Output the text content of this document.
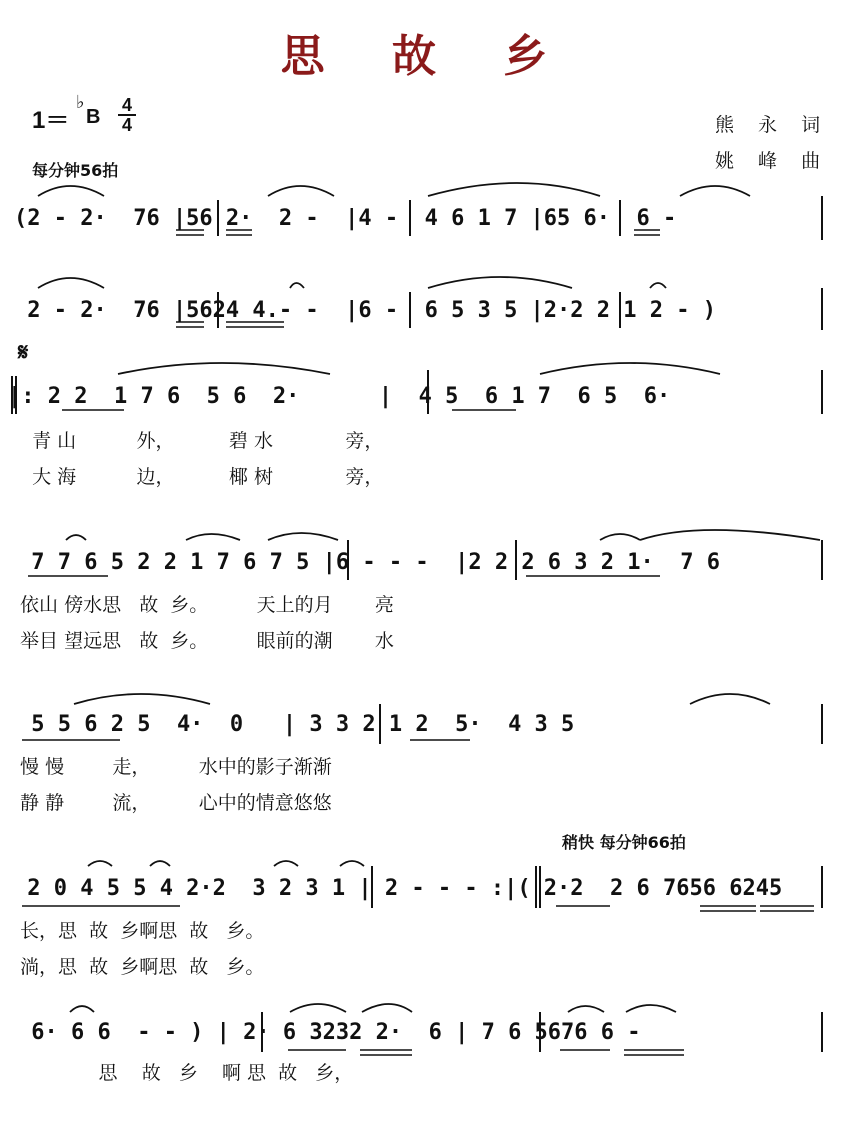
思 故 乡
1＝
♭
B
4
4
每分钟56拍
熊 永 词
姚 峰 曲
𝄋
稍快 每分钟66拍
(2 - 2·  76 |56 2·  2 -  |4 -  4 6 1 7 |65 6·  6 -
2 - 2·  76 |5624 4.- -  |6 -  6 5 3 5 |2·2 2 1 2 - )
|: 2 2  1 7 6  5 6  2·      |  4 5  6 1 7  6 5  6·
青 山          外，         碧 水            旁，
大 海          边，         椰 树            旁，
7 7 6 5 2 2 1 7 6 7 5 |6 - - -  |2 2 2 6 3 2 1·  7 6
依山 傍水思   故  乡。        天上的月       亮
举目 望远思   故  乡。        眼前的潮       水
5 5 6 2 5  4·  0   | 3 3 2 1 2  5·  4 3 5
慢 慢        走，        水中的影子渐渐
静 静        流，        心中的情意悠悠
2 0 4 5 5 4 2·2  3 2 3 1 | 2 - - - :|( 2·2  2 6 7656 6245
长，思  故  乡啊思  故   乡。
淌，思  故  乡啊思  故   乡。
6· 6 6  - - ) | 2· 6 3232 2·  6 | 7 6 5676 6 -
思    故   乡    啊 思  故   乡，
